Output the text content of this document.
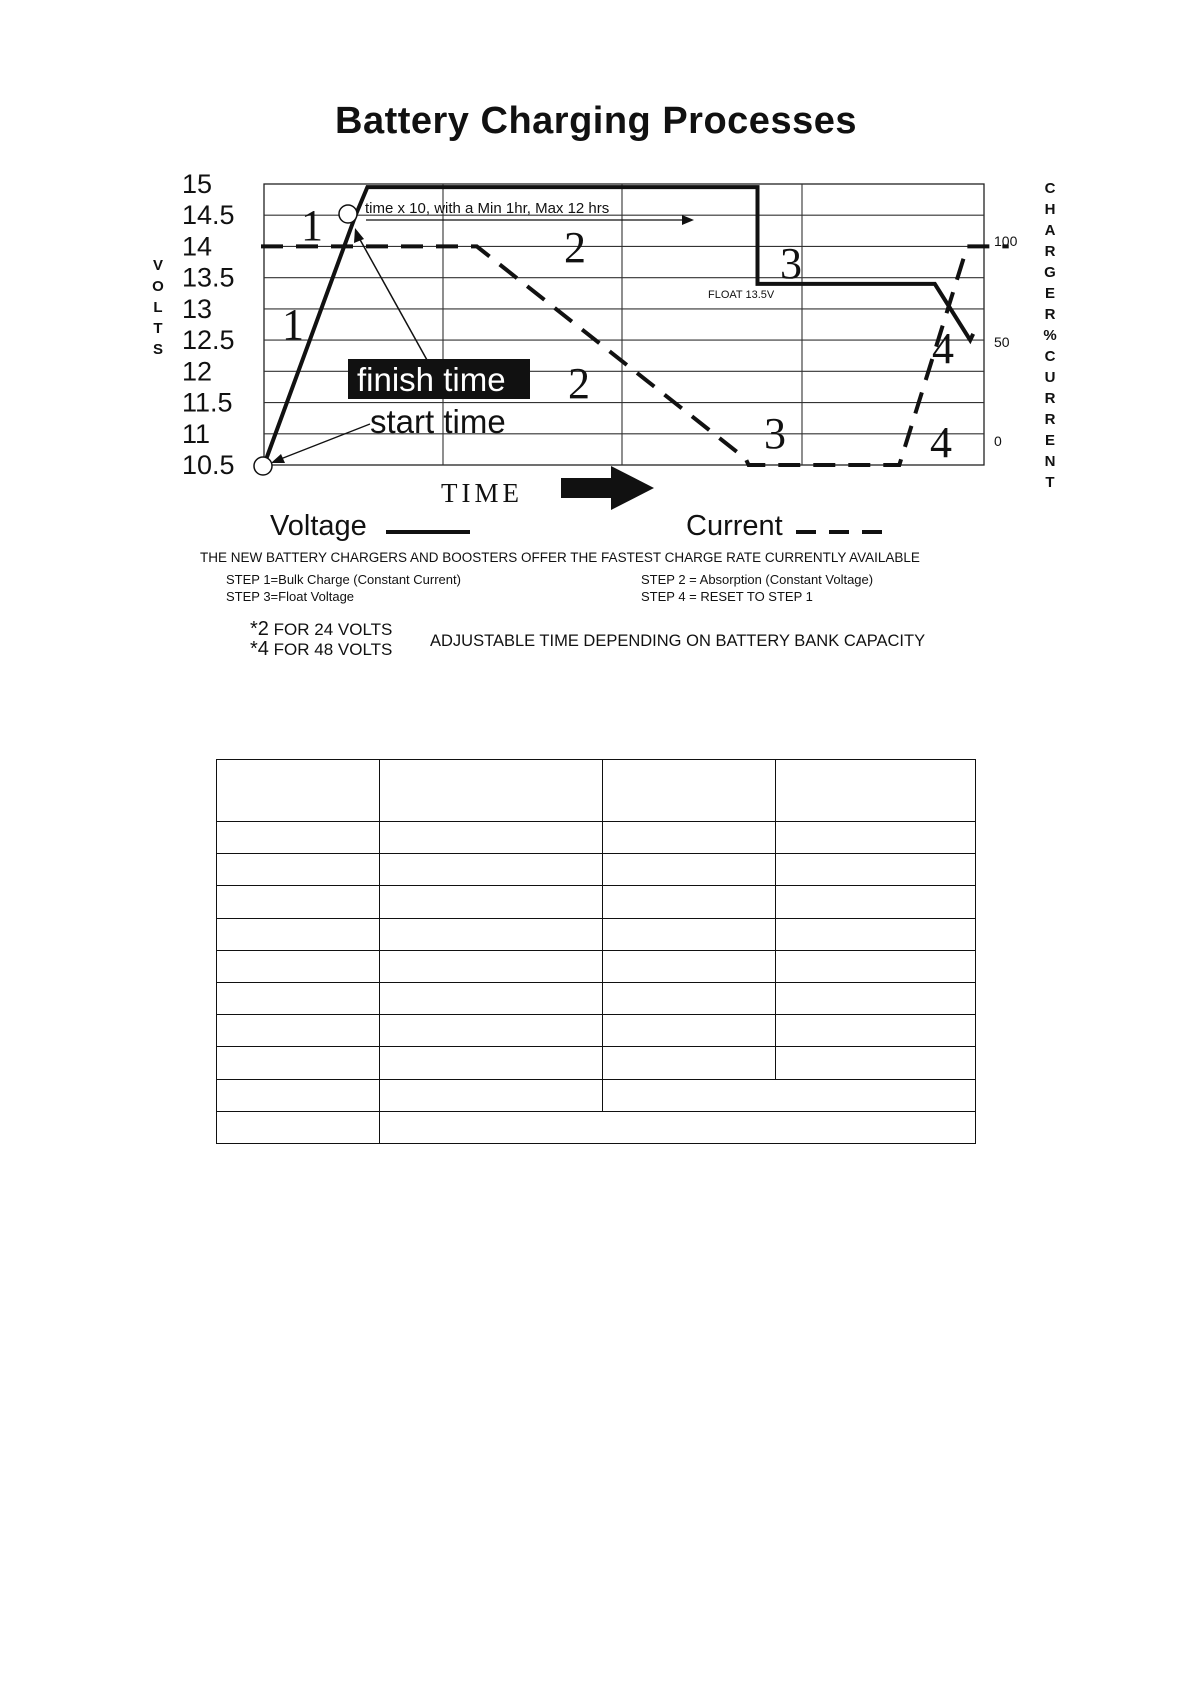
Battery Charging Processes
time x 10, with a Min 1hr, Max 12 hrs
FLOAT 13.5V
finish time
start time
1
1
2
2
3
3
4
4
TIME
15
14.5
14
13.5
13
12.5
12
11.5
11
10.5
100
50
0
V
O
L
T
S
C
H
A
R
G
E
R
%
C
U
R
R
E
N
T
Voltage	Current
THE NEW BATTERY CHARGERS AND BOOSTERS OFFER THE FASTEST CHARGE RATE CURRENTLY AVAILABLE
STEP 1=Bulk Charge (Constant Current)	STEP 2 = Absorption (Constant Voltage)
STEP 3=Float Voltage	STEP 4 = RESET TO STEP 1
*2 FOR 24 VOLTS
*4 FOR 48 VOLTS ADJUSTABLE TIME DEPENDING ON BATTERY BANK CAPACITY
